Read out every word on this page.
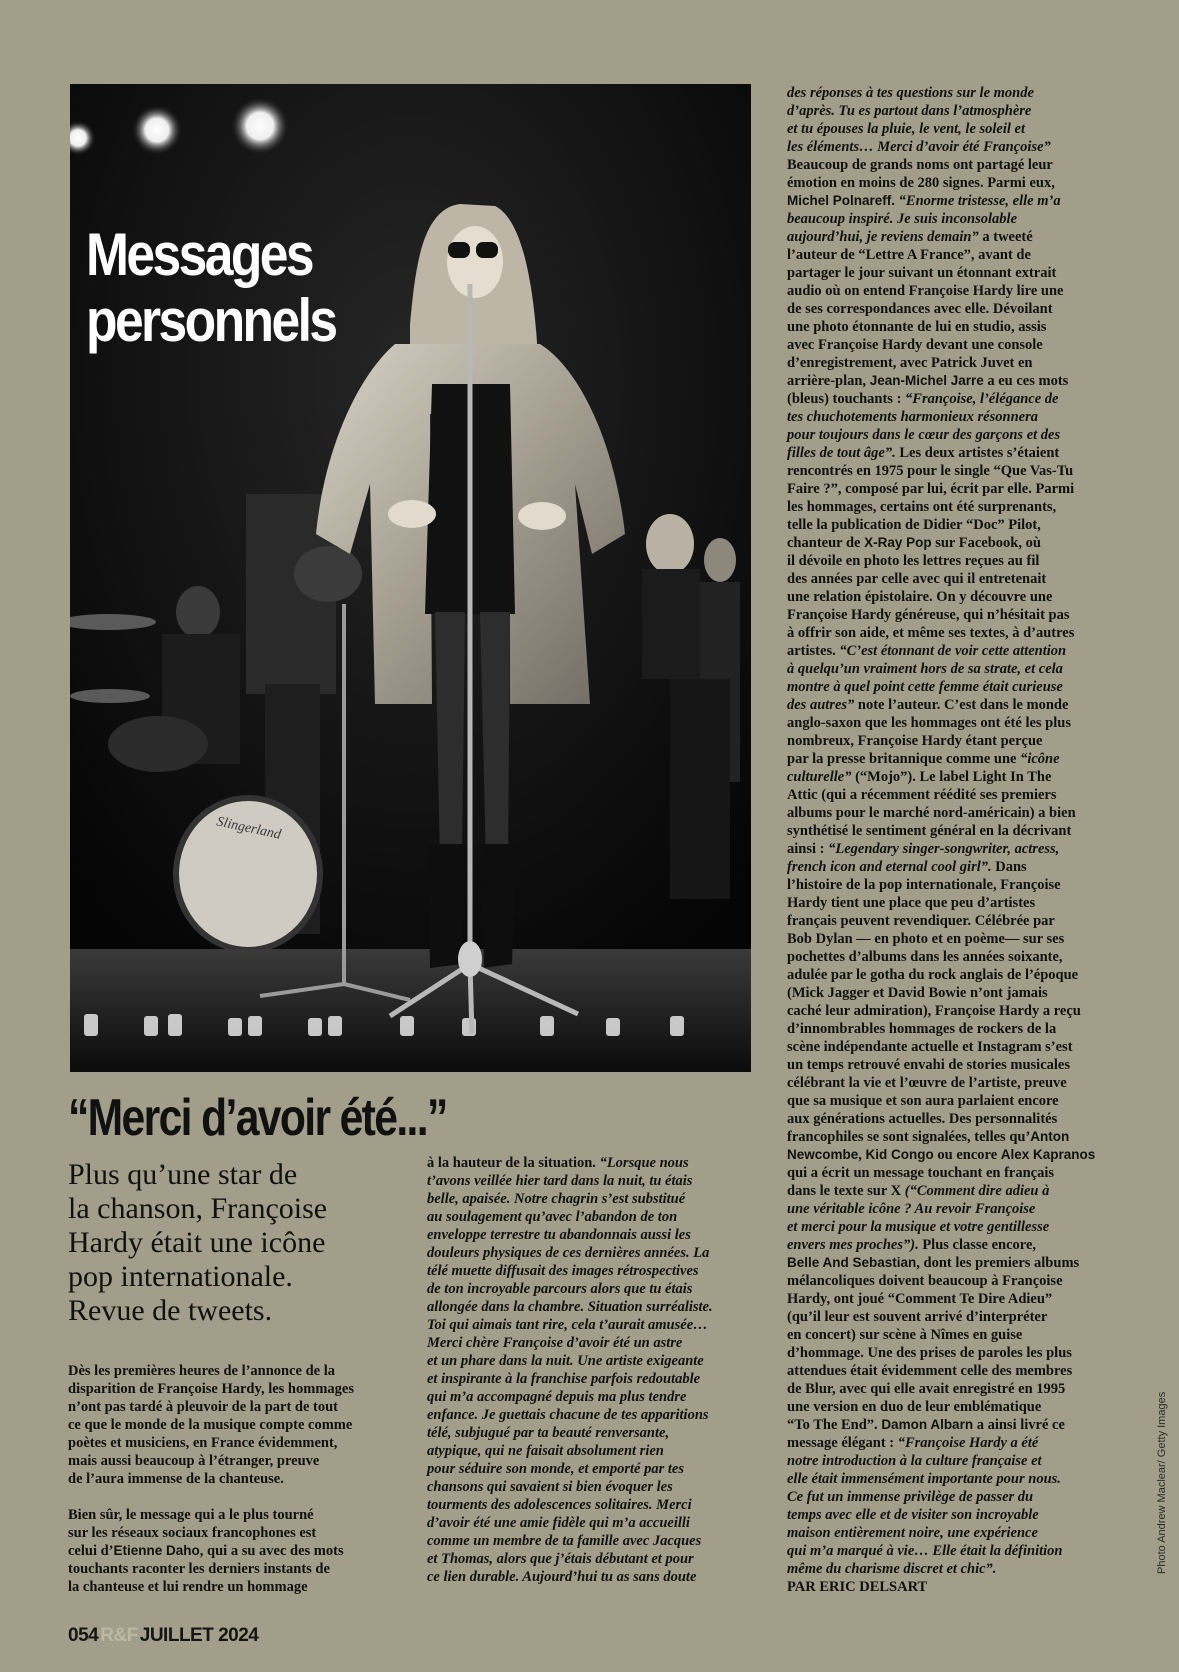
Slingerland
Messages
personnels
“Merci d’avoir été...”

Plus qu’une star de
la chanson, Françoise
Hardy était une icône
pop internationale.
Revue de tweets.

Dès les premières heures de l’annonce de la
disparition de Françoise Hardy, les hommages
n’ont pas tardé à pleuvoir de la part de tout
ce que le monde de la musique compte comme
poètes et musiciens, en France évidemment,
mais aussi beaucoup à l’étranger, preuve
de l’aura immense de la chanteuse.
Bien sûr, le message qui a le plus tourné
sur les réseaux sociaux francophones est
celui d’Etienne Daho, qui a su avec des mots
touchants raconter les derniers instants de
la chanteuse et lui rendre un hommage
à la hauteur de la situation. “Lorsque nous
t’avons veillée hier tard dans la nuit, tu étais
belle, apaisée. Notre chagrin s’est substitué
au soulagement qu’avec l’abandon de ton
enveloppe terrestre tu abandonnais aussi les
douleurs physiques de ces dernières années. La
télé muette diffusait des images rétrospectives
de ton incroyable parcours alors que tu étais
allongée dans la chambre. Situation surréaliste.
Toi qui aimais tant rire, cela t’aurait amusée…
Merci chère Françoise d’avoir été un astre
et un phare dans la nuit. Une artiste exigeante
et inspirante à la franchise parfois redoutable
qui m’a accompagné depuis ma plus tendre
enfance. Je guettais chacune de tes apparitions
télé, subjugué par ta beauté renversante,
atypique, qui ne faisait absolument rien
pour séduire son monde, et emporté par tes
chansons qui savaient si bien évoquer les
tourments des adolescences solitaires. Merci
d’avoir été une amie fidèle qui m’a accueilli
comme un membre de ta famille avec Jacques
et Thomas, alors que j’étais débutant et pour
ce lien durable. Aujourd’hui tu as sans doute
des réponses à tes questions sur le monde
d’après. Tu es partout dans l’atmosphère
et tu épouses la pluie, le vent, le soleil et
les éléments… Merci d’avoir été Françoise”
Beaucoup de grands noms ont partagé leur
émotion en moins de 280 signes. Parmi eux,
Michel Polnareff. “Enorme tristesse, elle m’a
beaucoup inspiré. Je suis inconsolable
aujourd’hui, je reviens demain” a tweeté
l’auteur de “Lettre A France”, avant de
partager le jour suivant un étonnant extrait
audio où on entend Françoise Hardy lire une
de ses correspondances avec elle. Dévoilant
une photo étonnante de lui en studio, assis
avec Françoise Hardy devant une console
d’enregistrement, avec Patrick Juvet en
arrière-plan, Jean-Michel Jarre a eu ces mots
(bleus) touchants : “Françoise, l’élégance de
tes chuchotements harmonieux résonnera
pour toujours dans le cœur des garçons et des
filles de tout âge”. Les deux artistes s’étaient
rencontrés en 1975 pour le single “Que Vas-Tu
Faire ?”, composé par lui, écrit par elle. Parmi
les hommages, certains ont été surprenants,
telle la publication de Didier “Doc” Pilot,
chanteur de X-Ray Pop sur Facebook, où
il dévoile en photo les lettres reçues au fil
des années par celle avec qui il entretenait
une relation épistolaire. On y découvre une
Françoise Hardy généreuse, qui n’hésitait pas
à offrir son aide, et même ses textes, à d’autres
artistes. “C’est étonnant de voir cette attention
à quelqu’un vraiment hors de sa strate, et cela
montre à quel point cette femme était curieuse
des autres” note l’auteur. C’est dans le monde
anglo-saxon que les hommages ont été les plus
nombreux, Françoise Hardy étant perçue
par la presse britannique comme une “icône
culturelle” (“Mojo”). Le label Light In The
Attic (qui a récemment réédité ses premiers
albums pour le marché nord-américain) a bien
synthétisé le sentiment général en la décrivant
ainsi : “Legendary singer-songwriter, actress,
french icon and eternal cool girl”. Dans
l’histoire de la pop internationale, Françoise
Hardy tient une place que peu d’artistes
français peuvent revendiquer. Célébrée par
Bob Dylan — en photo et en poème— sur ses
pochettes d’albums dans les années soixante,
adulée par le gotha du rock anglais de l’époque
(Mick Jagger et David Bowie n’ont jamais
caché leur admiration), Françoise Hardy a reçu
d’innombrables hommages de rockers de la
scène indépendante actuelle et Instagram s’est
un temps retrouvé envahi de stories musicales
célébrant la vie et l’œuvre de l’artiste, preuve
que sa musique et son aura parlaient encore
aux générations actuelles. Des personnalités
francophiles se sont signalées, telles qu’Anton
Newcombe, Kid Congo ou encore Alex Kapranos
qui a écrit un message touchant en français
dans le texte sur X (“Comment dire adieu à
une véritable icône ? Au revoir Françoise
et merci pour la musique et votre gentillesse
envers mes proches”). Plus classe encore,
Belle And Sebastian, dont les premiers albums
mélancoliques doivent beaucoup à Françoise
Hardy, ont joué “Comment Te Dire Adieu”
(qu’il leur est souvent arrivé d’interpréter
en concert) sur scène à Nîmes en guise
d’hommage. Une des prises de paroles les plus
attendues était évidemment celle des membres
de Blur, avec qui elle avait enregistré en 1995
une version en duo de leur emblématique
“To The End”. Damon Albarn a ainsi livré ce
message élégant : “Françoise Hardy a été
notre introduction à la culture française et
elle était immensément importante pour nous.
Ce fut un immense privilège de passer du
temps avec elle et de visiter son incroyable
maison entièrement noire, une expérience
qui m’a marqué à vie… Elle était la définition
même du charisme discret et chic”.
PAR ERIC DELSART
054 R&F JUILLET 2024
Photo Andrew Maclear/ Getty Images
